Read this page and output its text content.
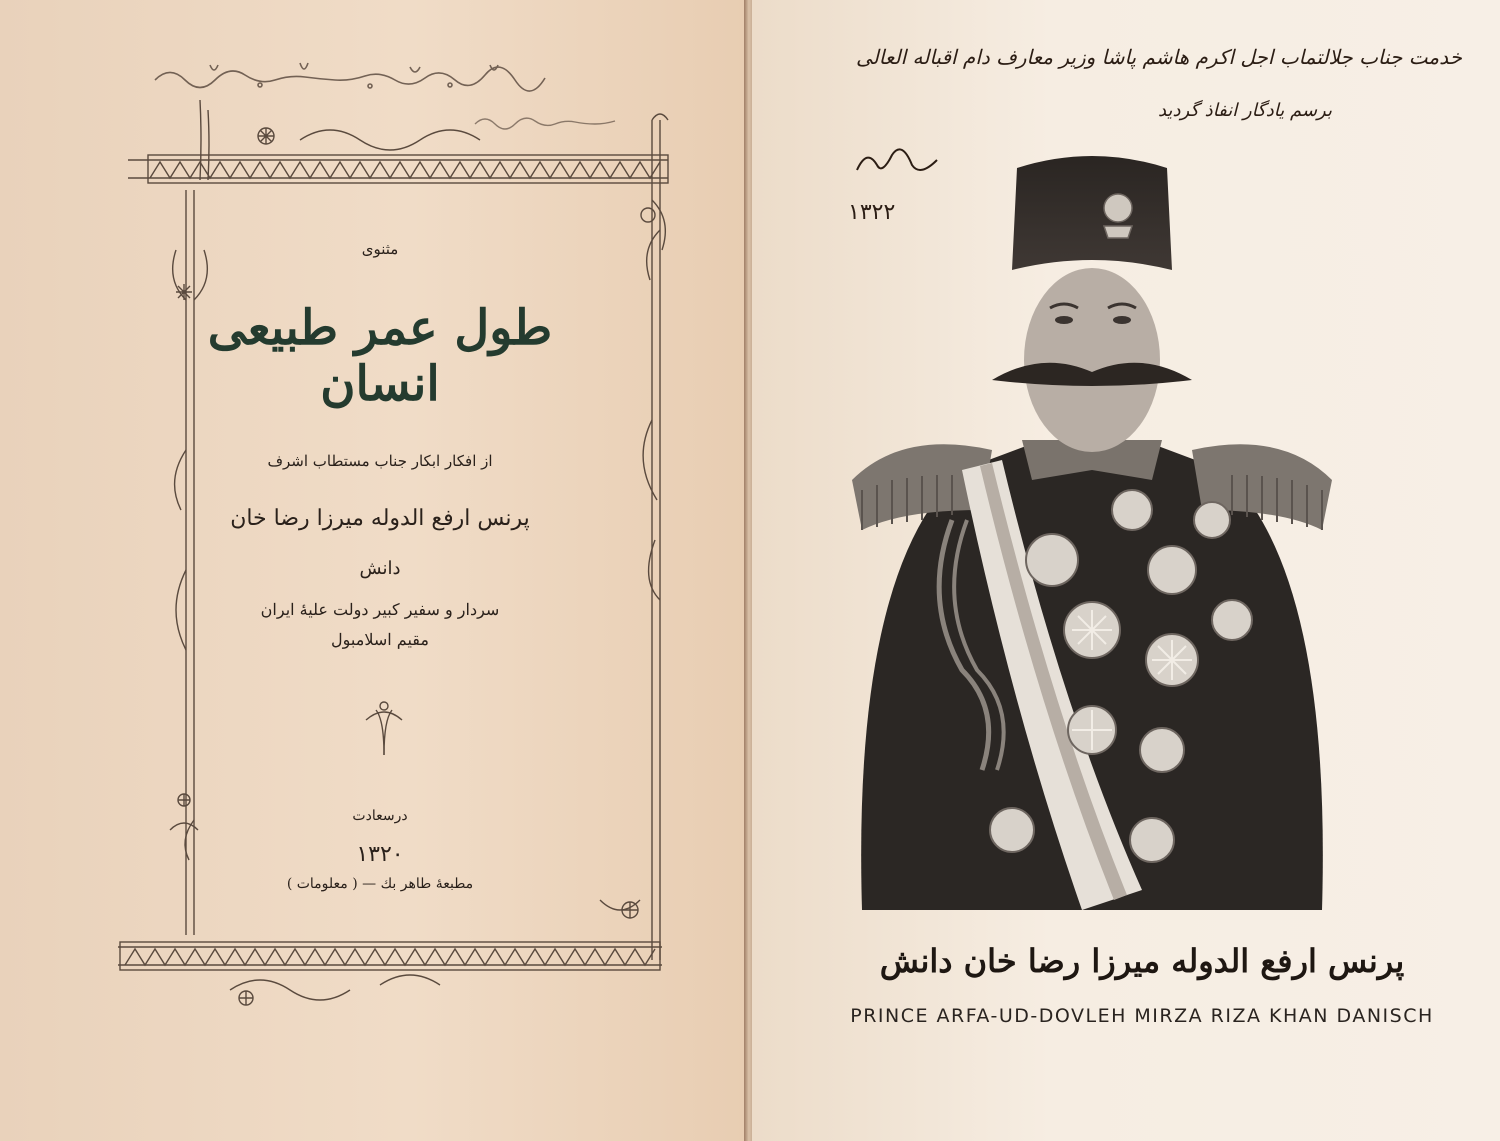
مثنوی
طول عمر طبیعی انسان
از افکار ابکار جناب مستطاب اشرف
پرنس ارفع الدوله میرزا رضا خان
دانش
سردار و سفیر کبیر دولت علیهٔ ایران
مقیم اسلامبول
درسعادت
۱۳۲۰
مطبعهٔ طاهر بك — ( معلومات )
خدمت جناب جلالتماب اجل اکرم هاشم پاشا وزیر معارف دام اقباله العالی
برسم یادگار انفاذ گردید
۱۳۲۲
پرنس ارفع الدوله میرزا رضا خان دانش
PRINCE ARFA-UD-DOVLEH MIRZA RIZA KHAN DANISCH
